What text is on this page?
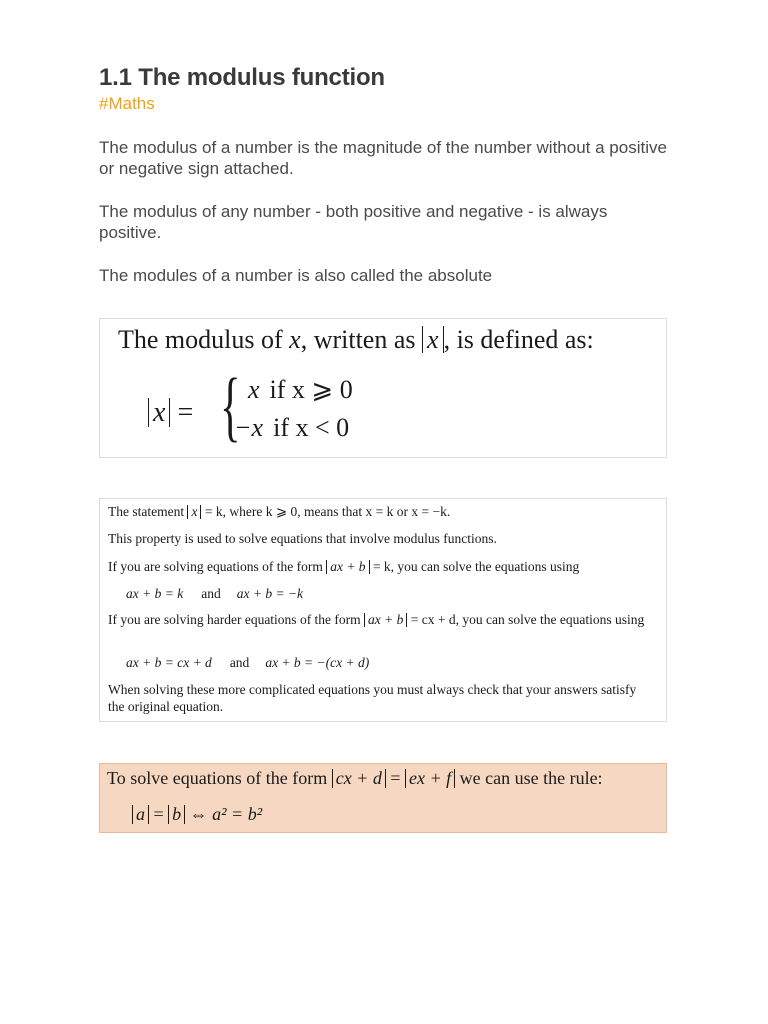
1.1 The modulus function
#Maths

The modulus of a number is the magnitude of the number without a positive or negative sign attached.

The modulus of any number - both positive and negative - is always positive.

The modules of a number is also called the absolute

The modulus of x, written as x , is defined as:
x = { x if x ⩾ 0
−x if x < 0
The statement x = k, where k ⩾ 0, means that x = k or x = −k.
This property is used to solve equations that involve modulus functions.
If you are solving equations of the form ax + b = k, you can solve the equations using
ax + b = k and ax + b = −k
If you are solving harder equations of the form ax + b = cx + d, you can solve the equations using
ax + b = cx + d and ax + b = −(cx + d)
When solving these more complicated equations you must always check that your answers satisfy the original equation.
To solve equations of the form cx + d = ex + f we can use the rule:
a = b ⇔ a² = b²
